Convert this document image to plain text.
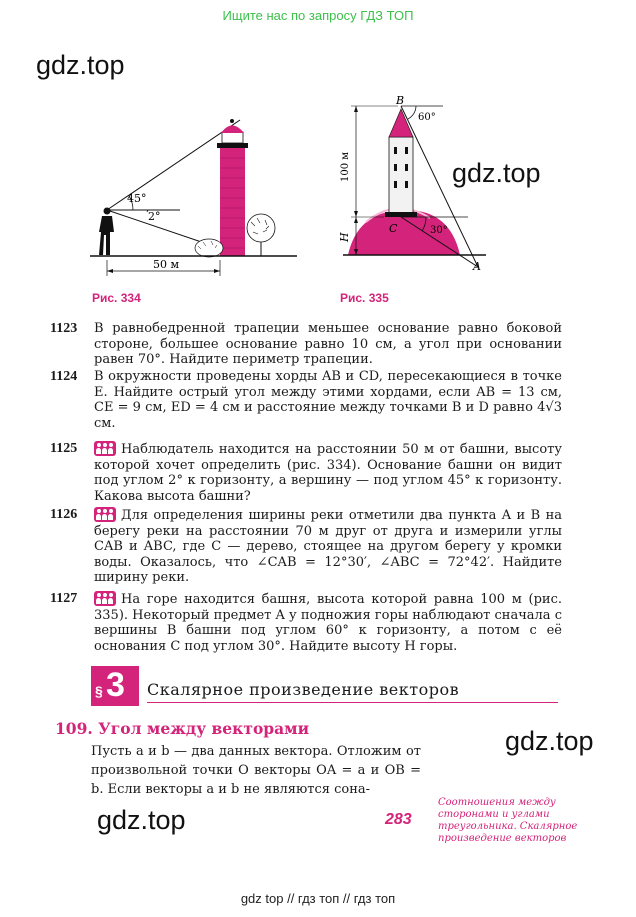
Ищите нас по запросу ГДЗ ТОП
gdz.top
gdz.top
gdz.top
gdz.top
45°
2°
50 м
Рис. 334
B
60°
C	30°
A
100 м
H
Рис. 335
1123 В равнобедренной трапеции меньшее основание равно боковой стороне, большее основание равно 10 см, а угол при основании равен 70°. Найдите периметр трапеции.
1124 В окружности проведены хорды AB и CD, пересекающиеся в точке E. Найдите острый угол между этими хордами, если AB = 13 см, CE = 9 см, ED = 4 см и расстояние между точками B и D равно 4√3 см.
1125	Наблюдатель находится на расстоянии 50 м от башни, высоту которой хочет определить (рис. 334). Основание башни он видит под углом 2° к горизонту, а вершину — под углом 45° к горизонту. Какова высота башни?
1126	Для определения ширины реки отметили два пункта A и B на берегу реки на расстоянии 70 м друг от друга и измерили углы CAB и ABC, где C — дерево, стоящее на другом берегу у кромки воды. Оказалось, что ∠CAB = 12°30′, ∠ABC = 72°42′. Найдите ширину реки.
1127	На горе находится башня, высота которой равна 100 м (рис. 335). Некоторый предмет A у подножия горы наблюдают сначала с вершины B башни под углом 60° к горизонту, а потом с её основания C под углом 30°. Найдите высоту H горы.
§ 3 Скалярное произведение векторов
109. Угол между векторами
Пусть a и b — два данных вектора. Отложим от произвольной точки O векторы OA = a и OB = b. Если векторы a и b не являются сона-
283
Соотношения между сторонами и углами треугольника. Скалярное произведение векторов
gdz top // гдз топ // гдз топ
